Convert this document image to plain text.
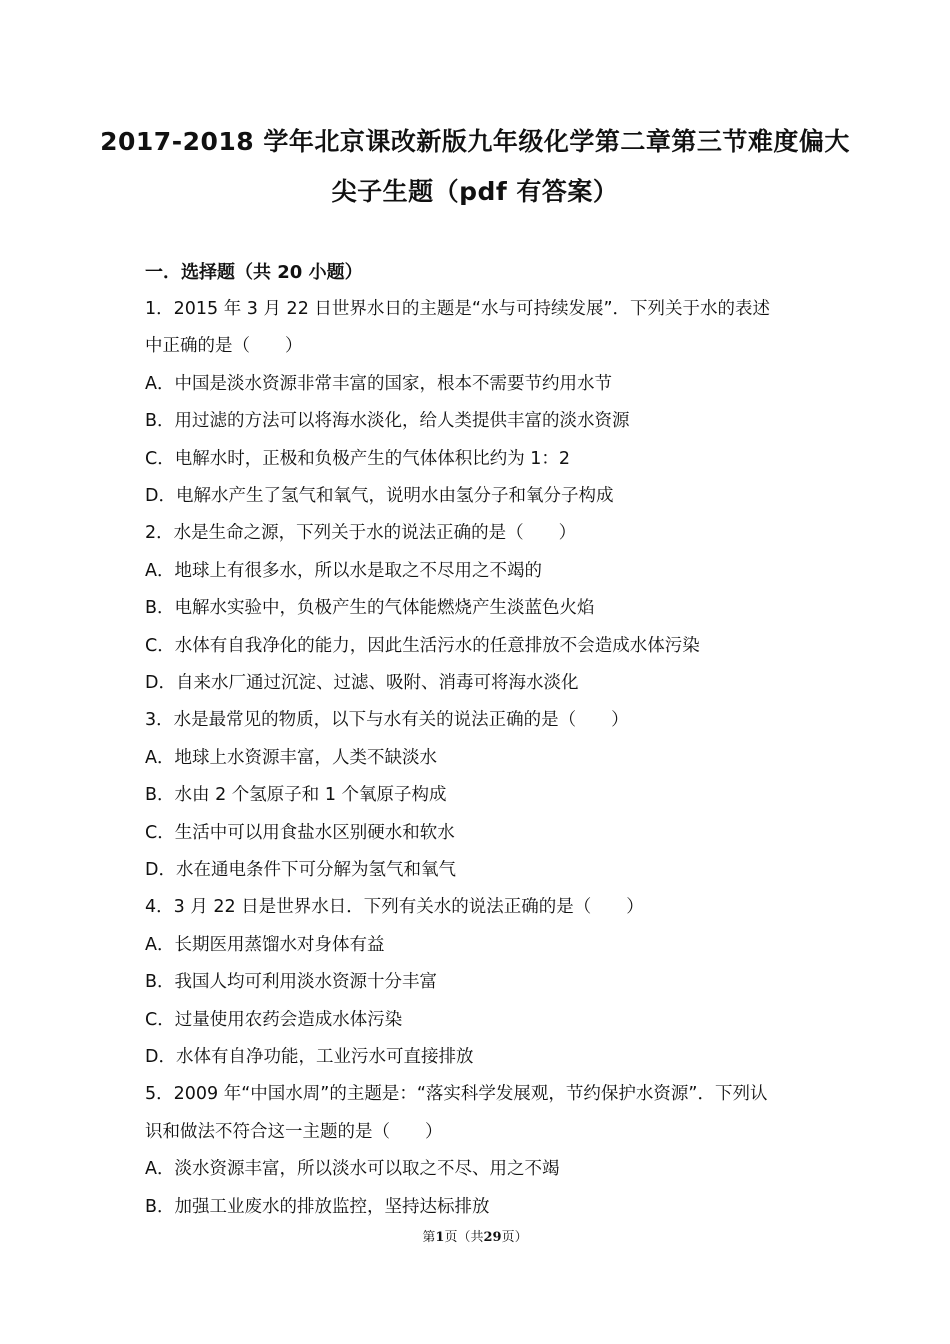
2017-2018 学年北京课改新版九年级化学第二章第三节难度偏大
尖子生题（pdf 有答案）
一．选择题（共 20 小题）
1．2015 年 3 月 22 日世界水日的主题是“水与可持续发展”．下列关于水的表述
中正确的是（　　）
A．中国是淡水资源非常丰富的国家，根本不需要节约用水节
B．用过滤的方法可以将海水淡化，给人类提供丰富的淡水资源
C．电解水时，正极和负极产生的气体体积比约为 1：2
D．电解水产生了氢气和氧气，说明水由氢分子和氧分子构成
2．水是生命之源，下列关于水的说法正确的是（　　）
A．地球上有很多水，所以水是取之不尽用之不竭的
B．电解水实验中，负极产生的气体能燃烧产生淡蓝色火焰
C．水体有自我净化的能力，因此生活污水的任意排放不会造成水体污染
D．自来水厂通过沉淀、过滤、吸附、消毒可将海水淡化
3．水是最常见的物质，以下与水有关的说法正确的是（　　）
A．地球上水资源丰富，人类不缺淡水
B．水由 2 个氢原子和 1 个氧原子构成
C．生活中可以用食盐水区别硬水和软水
D．水在通电条件下可分解为氢气和氧气
4．3 月 22 日是世界水日．下列有关水的说法正确的是（　　）
A．长期医用蒸馏水对身体有益
B．我国人均可利用淡水资源十分丰富
C．过量使用农药会造成水体污染
D．水体有自净功能，工业污水可直接排放
5．2009 年“中国水周”的主题是：“落实科学发展观，节约保护水资源”．下列认
识和做法不符合这一主题的是（　　）
A．淡水资源丰富，所以淡水可以取之不尽、用之不竭
B．加强工业废水的排放监控，坚持达标排放
第1页（共29页）
